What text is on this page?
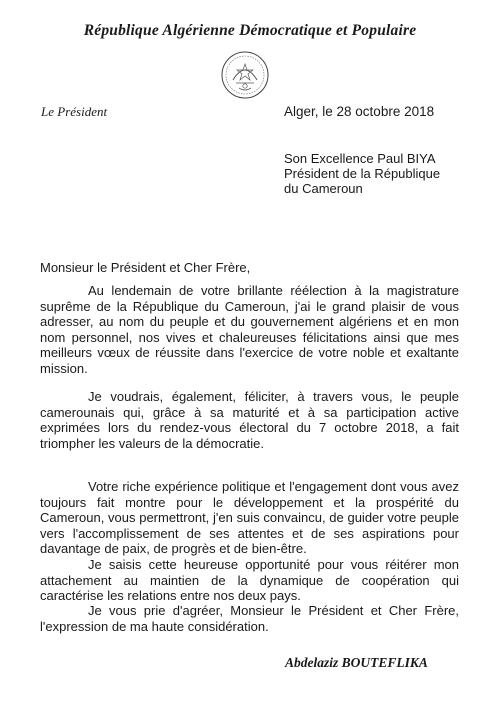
République Algérienne Démocratique et Populaire
Le Président	Alger, le 28 octobre 2018
Son Excellence Paul BIYA
Président de la République
du Cameroun
Monsieur le Président et Cher Frère,

Au lendemain de votre brillante réélection à la magistrature suprême de la République du Cameroun, j'ai le grand plaisir de vous adresser, au nom du peuple et du gouvernement algériens et en mon nom personnel, nos vives et chaleureuses félicitations ainsi que mes meilleurs vœux de réussite dans l'exercice de votre noble et exaltante mission.

Je voudrais, également, féliciter, à travers vous, le peuple camerounais qui, grâce à sa maturité et à sa participation active exprimées lors du rendez-vous électoral du 7 octobre 2018, a fait triompher les valeurs de la démocratie.

Votre riche expérience politique et l'engagement dont vous avez toujours fait montre pour le développement et la prospérité du Cameroun, vous permettront, j'en suis convaincu, de guider votre peuple vers l'accomplissement de ses attentes et de ses aspirations pour davantage de paix, de progrès et de bien-être.

Je saisis cette heureuse opportunité pour vous réitérer mon attachement au maintien de la dynamique de coopération qui caractérise les relations entre nos deux pays.

Je vous prie d'agréer, Monsieur le Président et Cher Frère, l'expression de ma haute considération.

Abdelaziz BOUTEFLIKA
